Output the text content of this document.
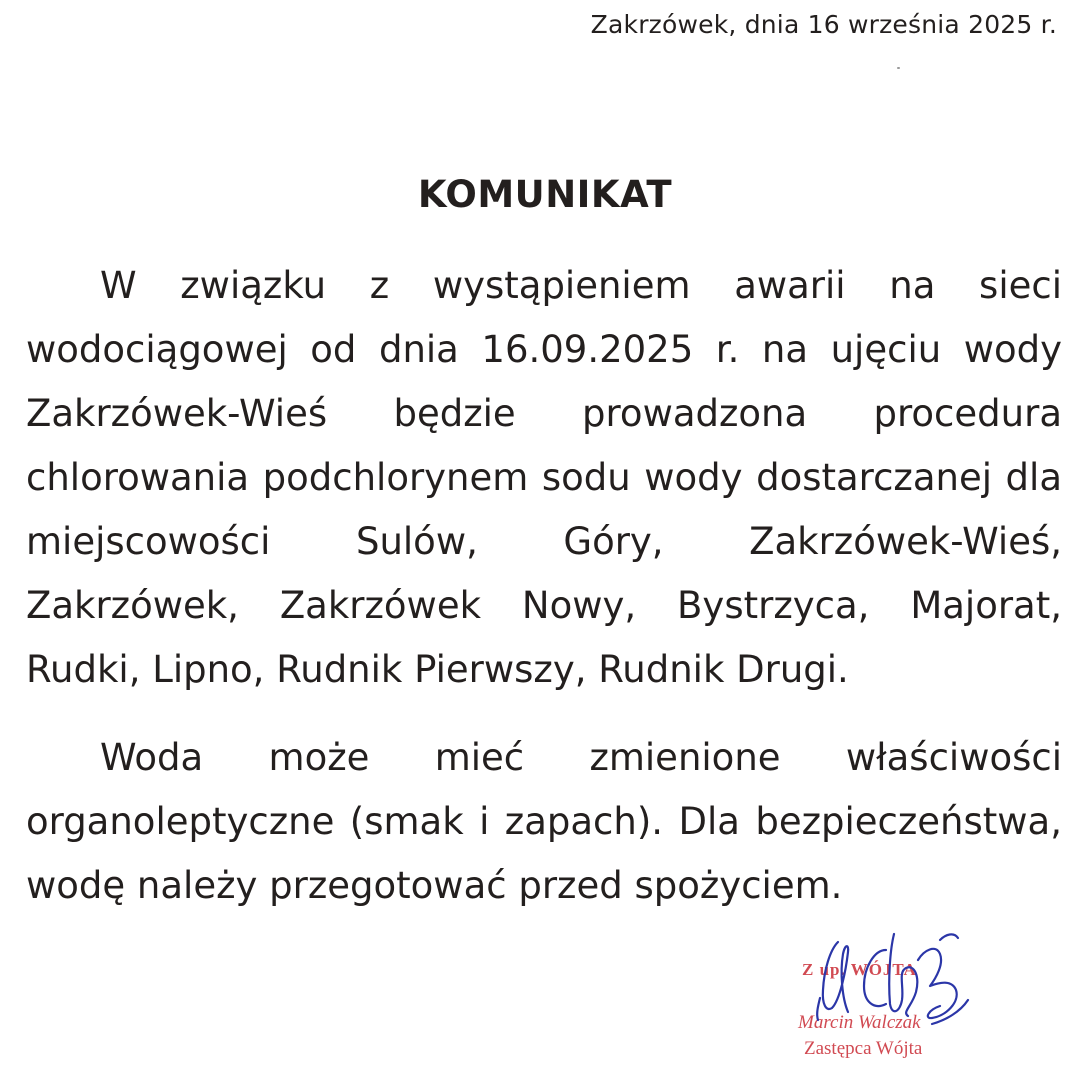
Zakrzówek, dnia 16 września 2025 r.
KOMUNIKAT

W związku z wystąpieniem awarii na sieci wodociągowej od dnia 16.09.2025 r. na ujęciu wody Zakrzówek-Wieś będzie prowadzona procedura chlorowania podchlorynem sodu wody dostarczanej dla miejscowości Sulów, Góry, Zakrzówek-Wieś, Zakrzówek, Zakrzówek Nowy, Bystrzyca, Majorat, Rudki, Lipno, Rudnik Pierwszy, Rudnik Drugi.

Woda może mieć zmienione właściwości organoleptyczne (smak i zapach). Dla bezpieczeństwa, wodę należy przegotować przed spożyciem.

Z up. WÓJTA
Marcin Walczak
Zastępca Wójta
